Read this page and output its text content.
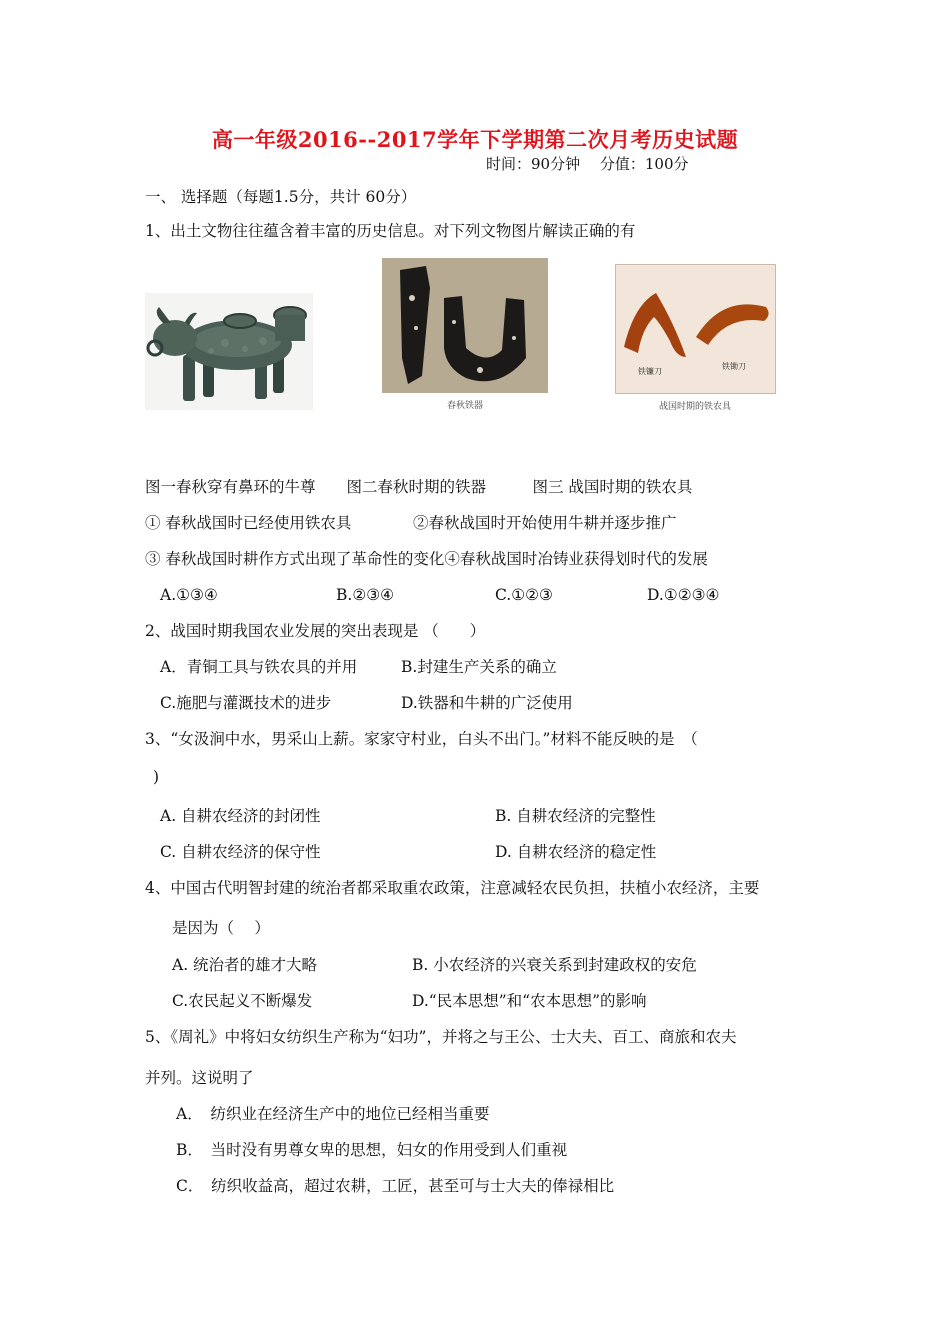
高一年级2016--2017学年下学期第二次月考历史试题
时间：90分钟　 分值：100分
一、 选择题（每题1.5分，共计 60分）
1、出土文物往往蕴含着丰富的历史信息。对下列文物图片解读正确的有
春秋铁器
铁镰刀
铁锄刀
战国时期的铁农具
图一春秋穿有鼻环的牛尊　　图二春秋时期的铁器　　　图三 战国时期的铁农具
① 春秋战国时已经使用铁农具	②春秋战国时开始使用牛耕并逐步推广
③ 春秋战国时耕作方式出现了革命性的变化④春秋战国时冶铸业获得划时代的发展
A.①③④	B.②③④	C.①②③	D.①②③④
2、战国时期我国农业发展的突出表现是 （　　）
A．青铜工具与铁农具的并用	B.封建生产关系的确立
C.施肥与灌溉技术的进步	D.铁器和牛耕的广泛使用
3、“女汲涧中水，男采山上薪。家家守村业，白头不出门。”材料不能反映的是　（
)
A. 自耕农经济的封闭性	B. 自耕农经济的完整性
C. 自耕农经济的保守性	D. 自耕农经济的稳定性
4、中国古代明智封建的统治者都采取重农政策，注意减轻农民负担，扶植小农经济，主要
是因为（　 ）
A. 统治者的雄才大略	B. 小农经济的兴衰关系到封建政权的安危
C.农民起义不断爆发	D.“民本思想”和“农本思想”的影响
5、《周礼》中将妇女纺织生产称为“妇功”，并将之与王公、士大夫、百工、商旅和农夫
并列。这说明了
A．　纺织业在经济生产中的地位已经相当重要
B．　当时没有男尊女卑的思想，妇女的作用受到人们重视
C．　纺织收益高，超过农耕，工匠，甚至可与士大夫的俸禄相比
